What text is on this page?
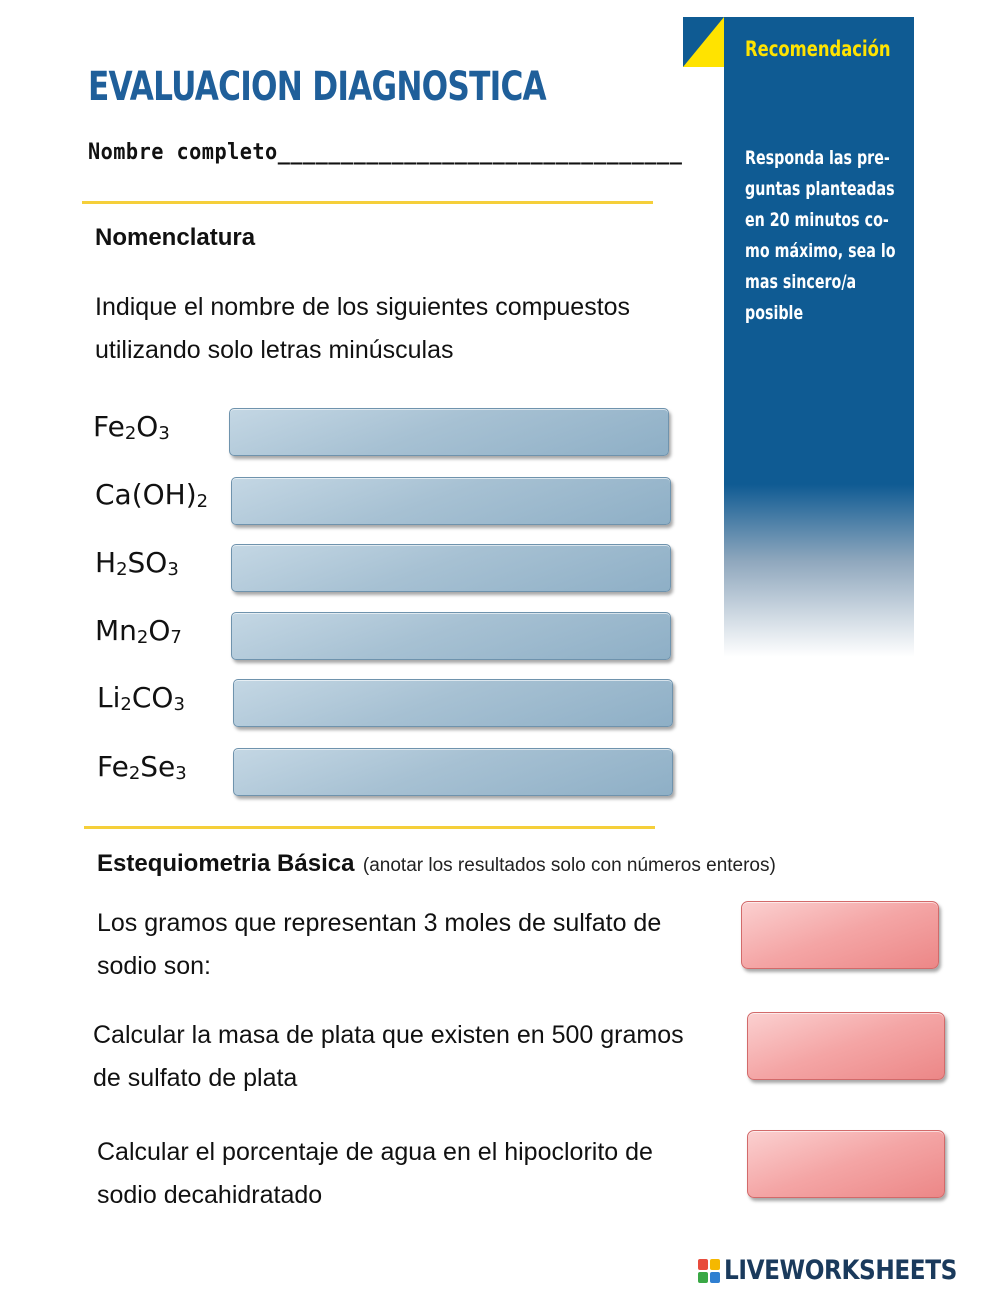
EVALUACION DIAGNOSTICA
Nombre completo________________________________
Recomendación
Responda las pre-
guntas planteadas
en 20 minutos co-
mo máximo, sea lo
mas sincero/a
posible
Nomenclatura
Indique el nombre de los siguientes compuestos
utilizando solo letras minúsculas
$Fe_2O_3$
$Ca(OH)_2$
$H_2SO_3$
$Mn_2O_7$
$Li_2CO_3$
$Fe_2Se_3$
Estequiometria Básica (anotar los resultados solo con números enteros)
Los gramos que representan 3 moles de sulfato de
sodio son:
Calcular la masa de plata que existen en 500 gramos
de sulfato de plata
Calcular el porcentaje de agua en el hipoclorito de
sodio decahidratado
LIVEWORKSHEETS
